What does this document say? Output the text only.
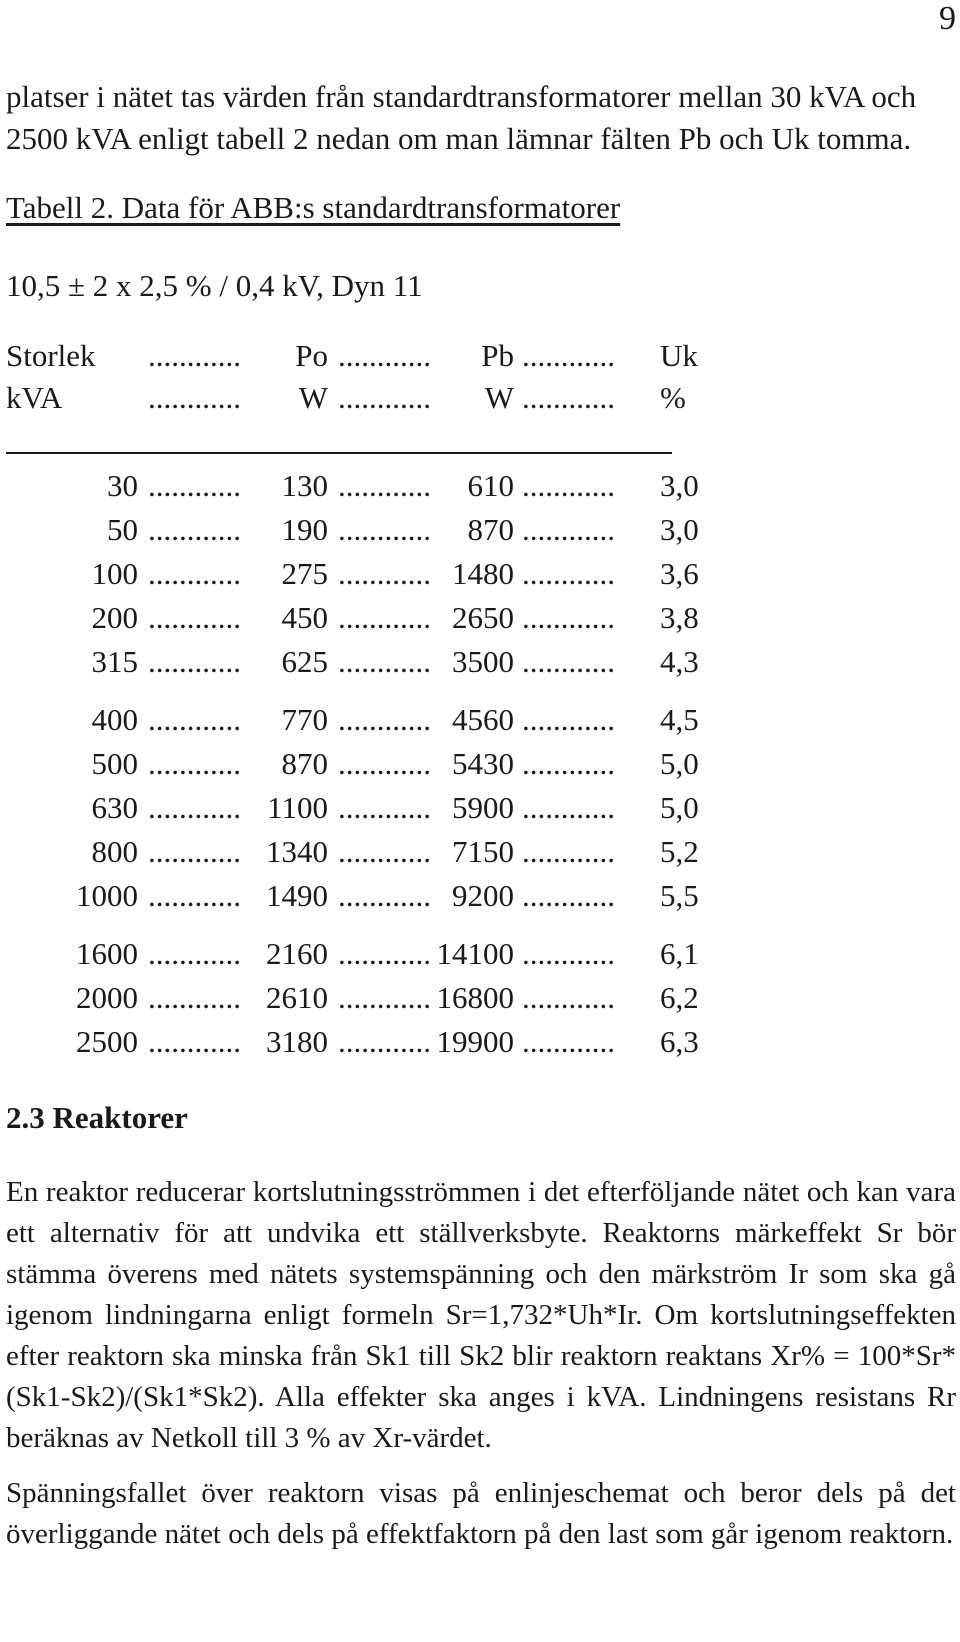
9
platser i nätet tas värden från standardtransformatorer mellan 30 kVA och
2500 kVA enligt tabell 2 nedan om man lämnar fälten Pb och Uk tomma.
Tabell 2. Data för ABB:s standardtransformatorer
10,5 ± 2 x 2,5 % / 0,4 kV, Dyn 11
Storlek ............ Po ............ Pb ............ Uk
kVA	............ W ............ W ............ %
30 ............ 130 ............ 610 ............ 3,0
50 ............ 190 ............ 870 ............ 3,0
100 ............ 275 ............ 1480 ............ 3,6
200 ............ 450 ............ 2650 ............ 3,8
315 ............ 625 ............ 3500 ............ 4,3
400 ............ 770 ............ 4560 ............ 4,5
500 ............ 870 ............ 5430 ............ 5,0
630 ............ 1100 ............ 5900 ............ 5,0
800 ............ 1340 ............ 7150 ............ 5,2
1000 ............ 1490 ............ 9200 ............ 5,5
1600 ............ 2160 ............ 14100 ............ 6,1
2000 ............ 2610 ............ 16800 ............ 6,2
2500 ............ 3180 ............ 19900 ............ 6,3
2.3 Reaktorer
En reaktor reducerar kortslutningsströmmen i det efterföljande nätet och kan vara ett alternativ för att undvika ett ställverksbyte. Reaktorns märkeffekt Sr bör stämma överens med nätets systemspänning och den märkström Ir som ska gå igenom lindningarna enligt formeln Sr=1,732*Uh*Ir. Om kortslutningseffekten efter reaktorn ska minska från Sk1 till Sk2 blir reaktorn reaktans Xr% = 100*Sr*(Sk1-Sk2)/(Sk1*Sk2). Alla effekter ska anges i kVA. Lindningens resistans Rr beräknas av Netkoll till 3 % av Xr-värdet.
Spänningsfallet över reaktorn visas på enlinjeschemat och beror dels på det överliggande nätet och dels på effektfaktorn på den last som går igenom reaktorn.
